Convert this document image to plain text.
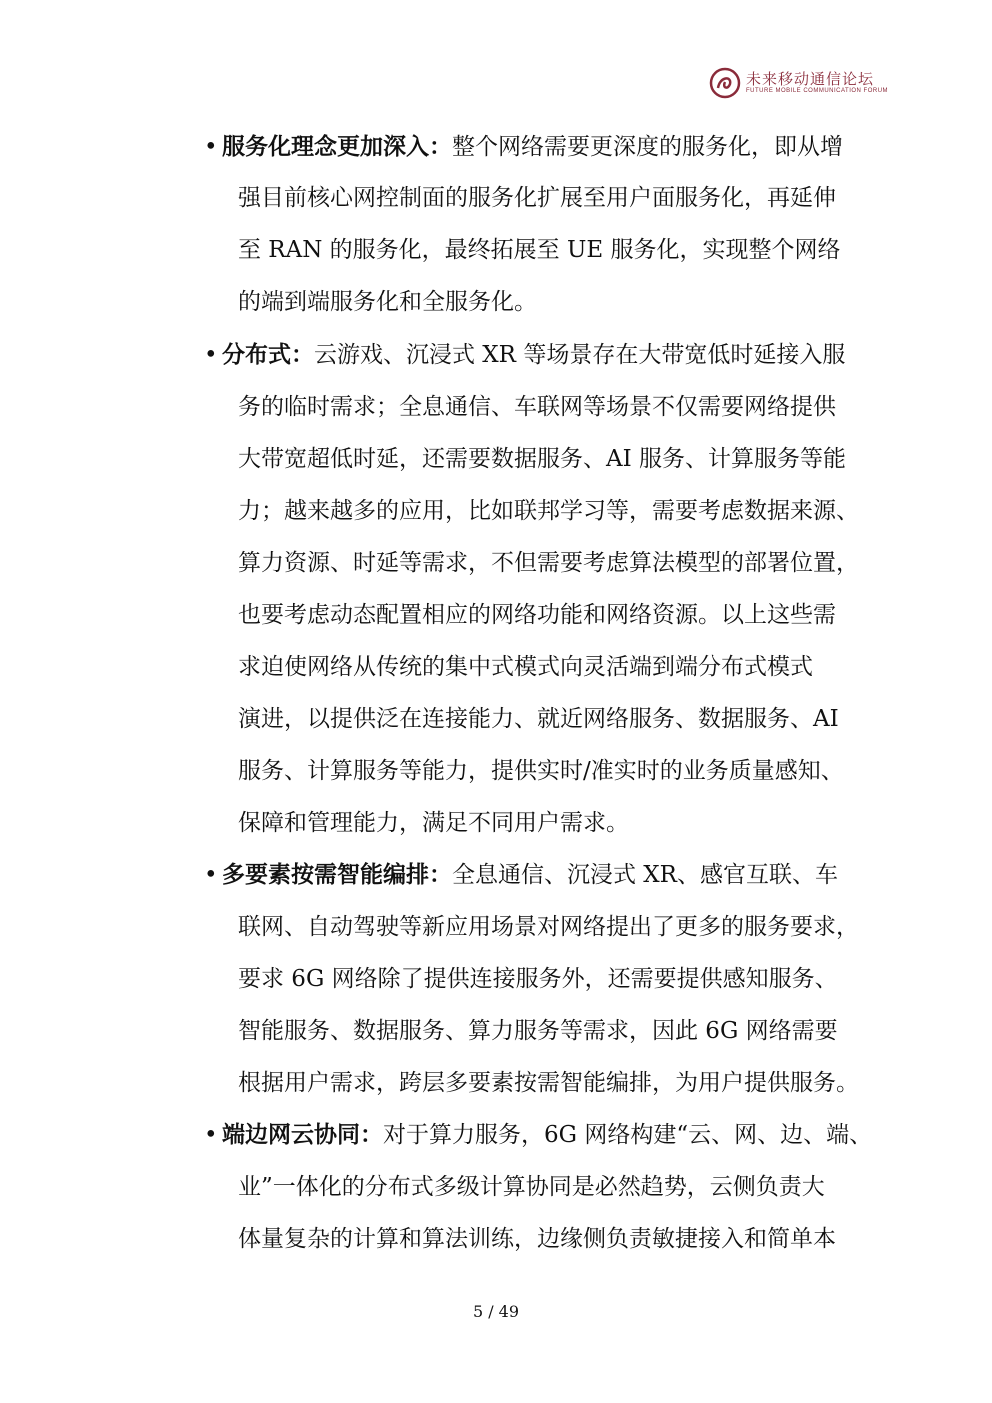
未来移动通信论坛
FUTURE MOBILE COMMUNICATION FORUM
• 服务化理念更加深入：整个网络需要更深度的服务化，即从增
强目前核心网控制面的服务化扩展至用户面服务化，再延伸
至 RAN 的服务化，最终拓展至 UE 服务化，实现整个网络
的端到端服务化和全服务化。
• 分布式：云游戏、沉浸式 XR 等场景存在大带宽低时延接入服
务的临时需求；全息通信、车联网等场景不仅需要网络提供
大带宽超低时延，还需要数据服务、AI 服务、计算服务等能
力；越来越多的应用，比如联邦学习等，需要考虑数据来源、
算力资源、时延等需求，不但需要考虑算法模型的部署位置，
也要考虑动态配置相应的网络功能和网络资源。以上这些需
求迫使网络从传统的集中式模式向灵活端到端分布式模式
演进，以提供泛在连接能力、就近网络服务、数据服务、AI
服务、计算服务等能力，提供实时/准实时的业务质量感知、
保障和管理能力，满足不同用户需求。
• 多要素按需智能编排：全息通信、沉浸式 XR、感官互联、车
联网、自动驾驶等新应用场景对网络提出了更多的服务要求，
要求 6G 网络除了提供连接服务外，还需要提供感知服务、
智能服务、数据服务、算力服务等需求，因此 6G 网络需要
根据用户需求，跨层多要素按需智能编排，为用户提供服务。
• 端边网云协同：对于算力服务，6G 网络构建“云、网、边、端、
业”一体化的分布式多级计算协同是必然趋势，云侧负责大
体量复杂的计算和算法训练，边缘侧负责敏捷接入和简单本
5 / 49
